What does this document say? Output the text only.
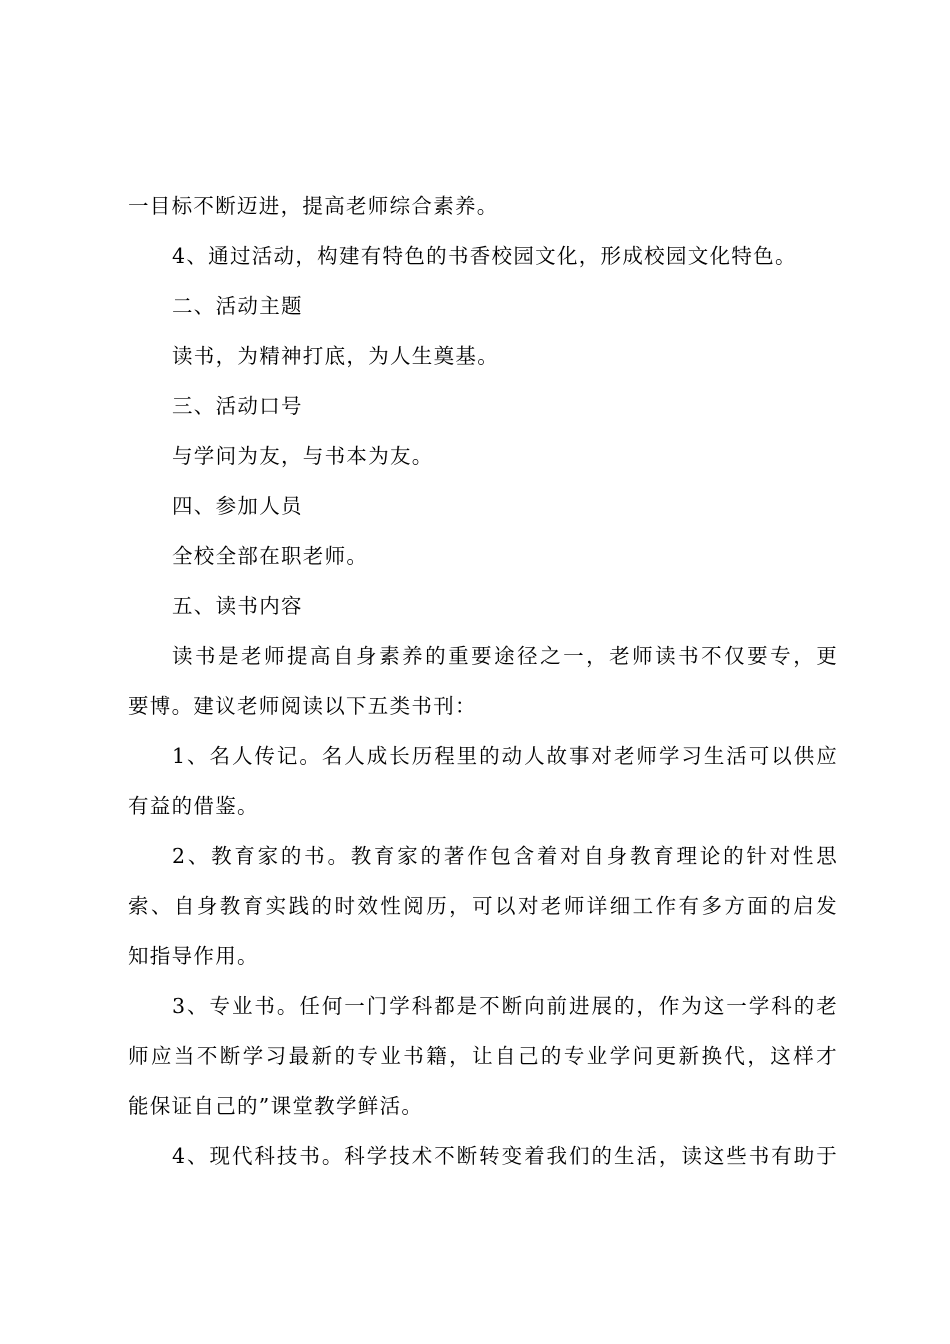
一目标不断迈进，提高老师综合素养。
4、通过活动，构建有特色的书香校园文化，形成校园文化特色。
二、活动主题
读书，为精神打底，为人生奠基。
三、活动口号
与学问为友，与书本为友。
四、参加人员
全校全部在职老师。
五、读书内容
读书是老师提高自身素养的重要途径之一，老师读书不仅要专，更
要博。建议老师阅读以下五类书刊：
1、名人传记。名人成长历程里的动人故事对老师学习生活可以供应
有益的借鉴。
2、教育家的书。教育家的著作包含着对自身教育理论的针对性思
索、自身教育实践的时效性阅历，可以对老师详细工作有多方面的启发
知指导作用。
3、专业书。任何一门学科都是不断向前进展的，作为这一学科的老
师应当不断学习最新的专业书籍，让自己的专业学问更新换代，这样才
能保证自己的”课堂教学鲜活。
4、现代科技书。科学技术不断转变着我们的生活，读这些书有助于
